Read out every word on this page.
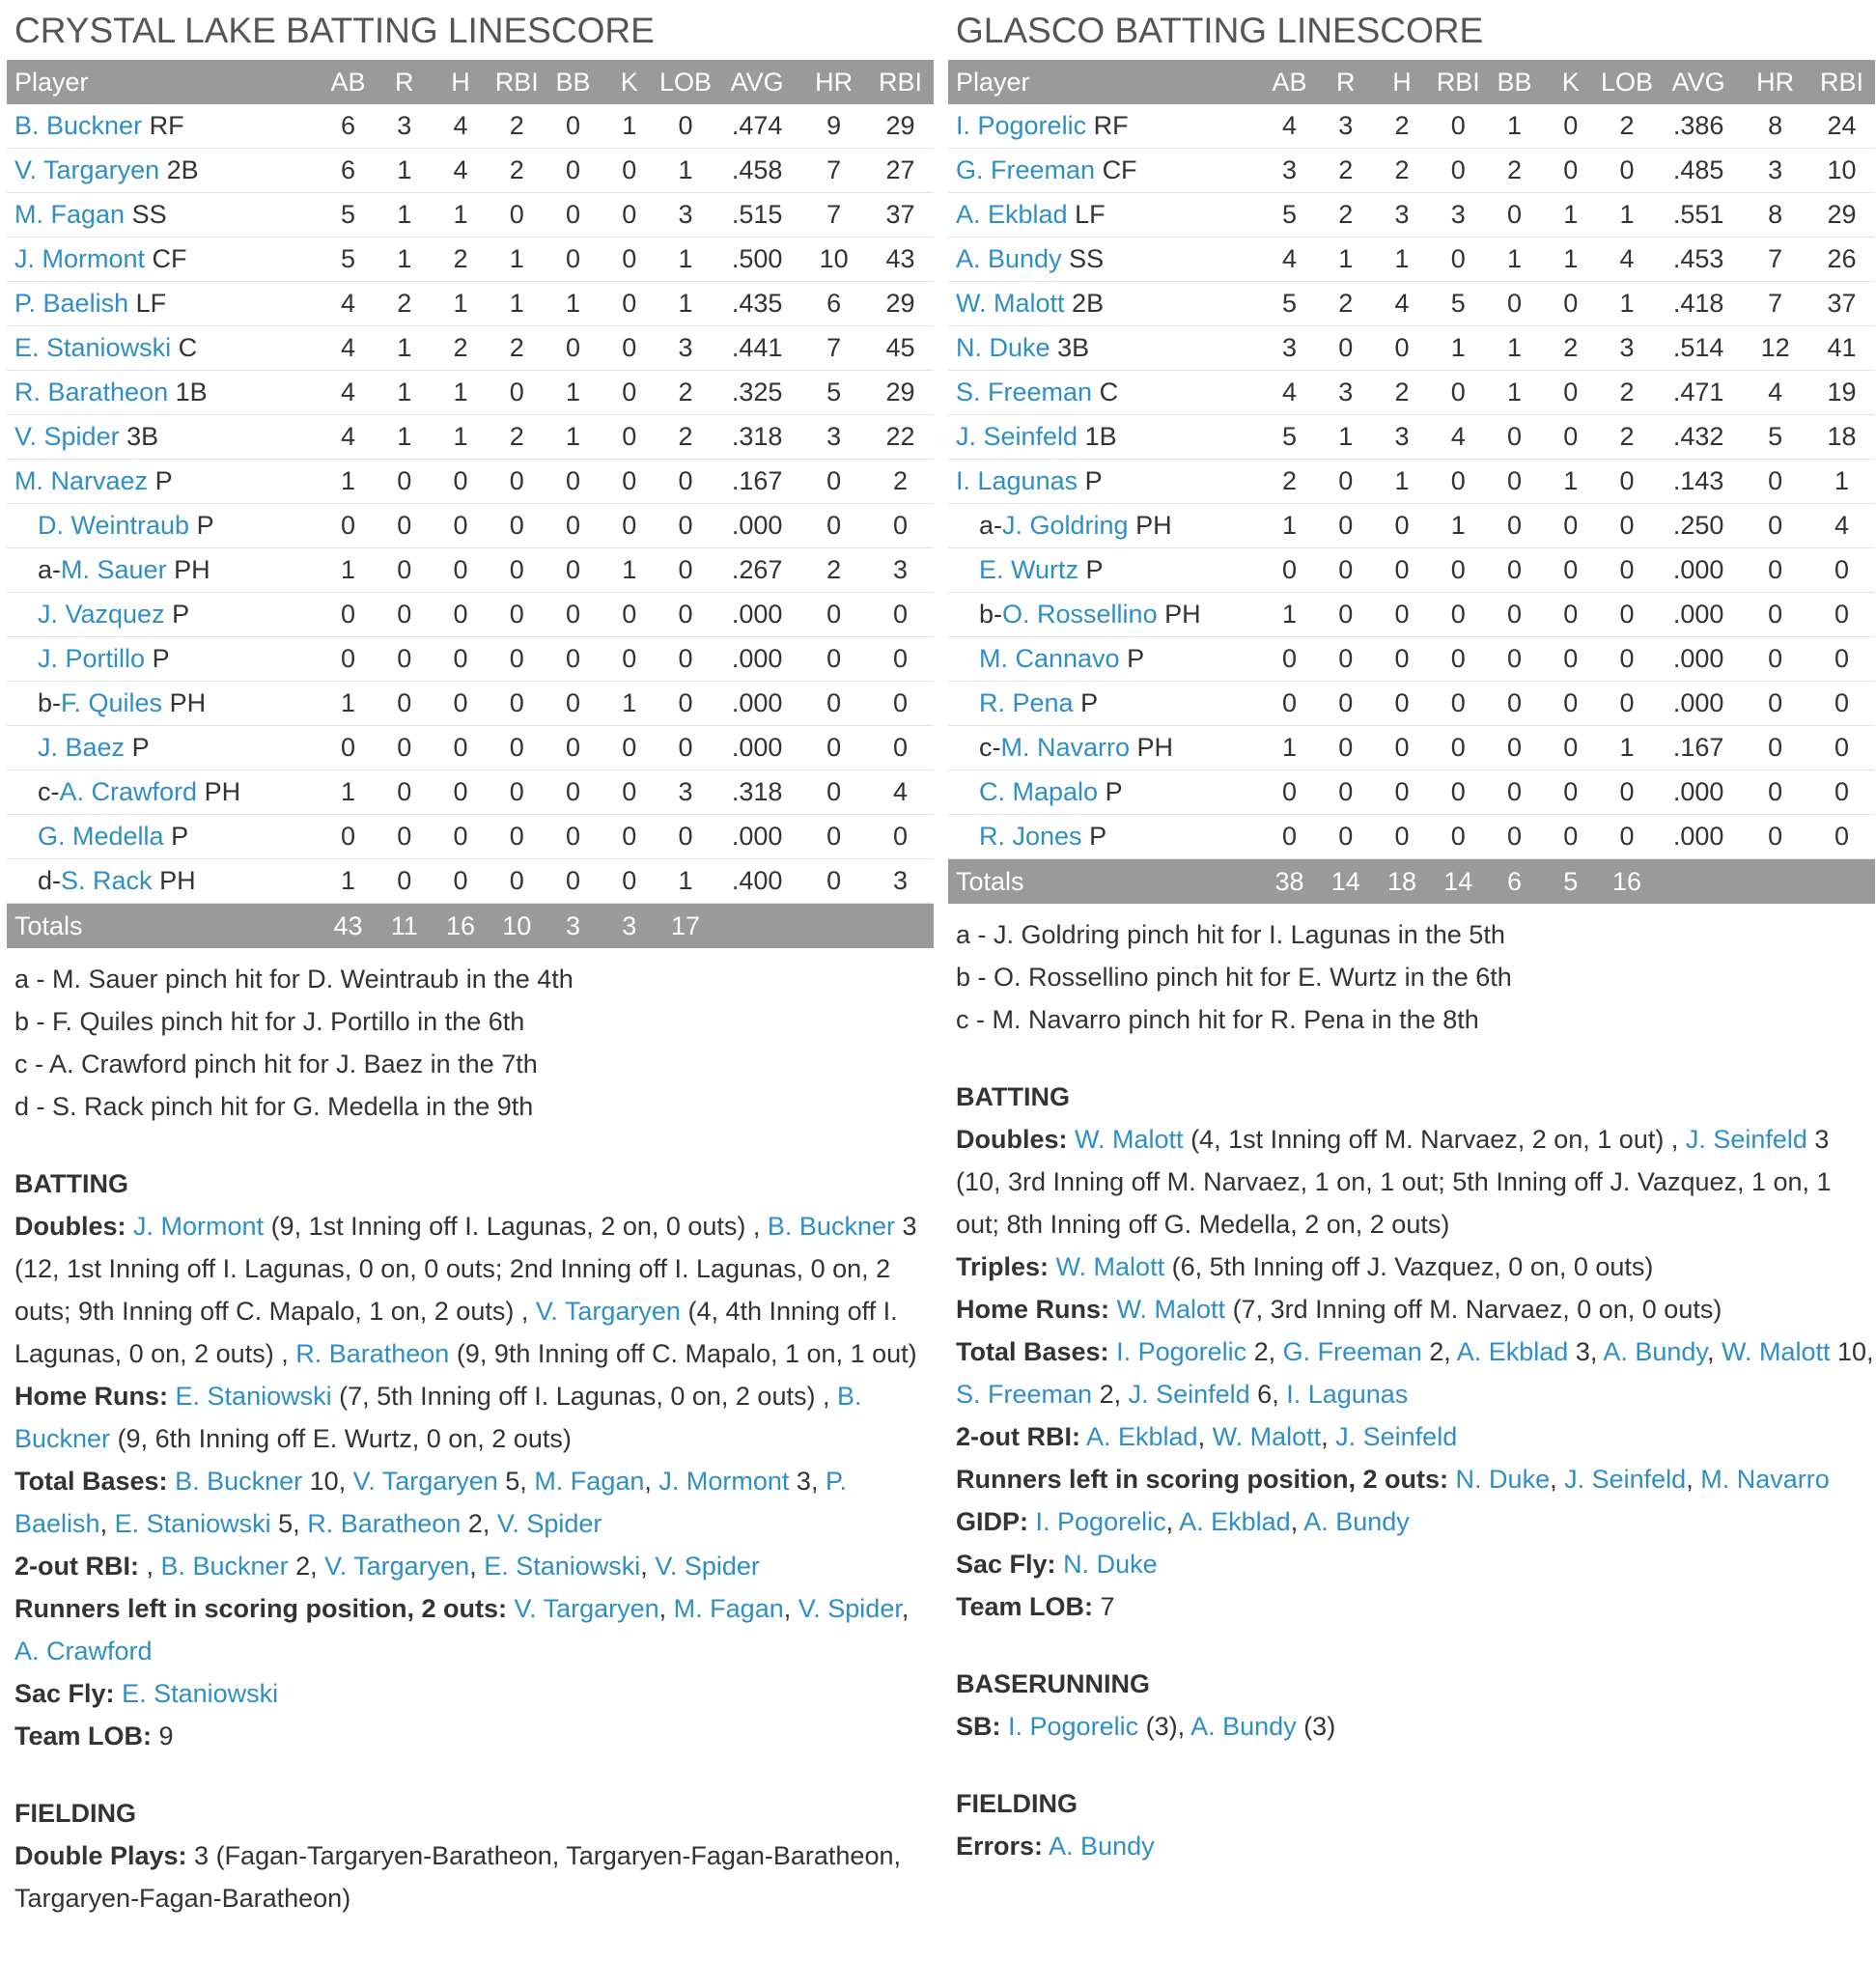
CRYSTAL LAKE BATTING LINESCORE
Player	AB	R	H	RBI	BB	K	LOB	AVG	HR	RBI
B. Buckner RF	6	3	4	2	0	1	0	.474	9	29
V. Targaryen 2B	6	1	4	2	0	0	1	.458	7	27
M. Fagan SS	5	1	1	0	0	0	3	.515	7	37
J. Mormont CF	5	1	2	1	0	0	1	.500	10	43
P. Baelish LF	4	2	1	1	1	0	1	.435	6	29
E. Staniowski C	4	1	2	2	0	0	3	.441	7	45
R. Baratheon 1B	4	1	1	0	1	0	2	.325	5	29
V. Spider 3B	4	1	1	2	1	0	2	.318	3	22
M. Narvaez P	1	0	0	0	0	0	0	.167	0	2
D. Weintraub P	0	0	0	0	0	0	0	.000	0	0
a-M. Sauer PH	1	0	0	0	0	1	0	.267	2	3
J. Vazquez P	0	0	0	0	0	0	0	.000	0	0
J. Portillo P	0	0	0	0	0	0	0	.000	0	0
b-F. Quiles PH	1	0	0	0	0	1	0	.000	0	0
J. Baez P	0	0	0	0	0	0	0	.000	0	0
c-A. Crawford PH	1	0	0	0	0	0	3	.318	0	4
G. Medella P	0	0	0	0	0	0	0	.000	0	0
d-S. Rack PH	1	0	0	0	0	0	1	.400	0	3
Totals	43	11	16	10	3	3	17			
a - M. Sauer pinch hit for D. Weintraub in the 4th
b - F. Quiles pinch hit for J. Portillo in the 6th
c - A. Crawford pinch hit for J. Baez in the 7th
d - S. Rack pinch hit for G. Medella in the 9th
BATTING
Doubles: J. Mormont (9, 1st Inning off I. Lagunas, 2 on, 0 outs) , B. Buckner 3 (12, 1st Inning off I. Lagunas, 0 on, 0 outs; 2nd Inning off I. Lagunas, 0 on, 2 outs; 9th Inning off C. Mapalo, 1 on, 2 outs) , V. Targaryen (4, 4th Inning off I. Lagunas, 0 on, 2 outs) , R. Baratheon (9, 9th Inning off C. Mapalo, 1 on, 1 out)
Home Runs: E. Staniowski (7, 5th Inning off I. Lagunas, 0 on, 2 outs) , B. Buckner (9, 6th Inning off E. Wurtz, 0 on, 2 outs)
Total Bases: B. Buckner 10, V. Targaryen 5, M. Fagan, J. Mormont 3, P. Baelish, E. Staniowski 5, R. Baratheon 2, V. Spider
2-out RBI: , B. Buckner 2, V. Targaryen, E. Staniowski, V. Spider
Runners left in scoring position, 2 outs: V. Targaryen, M. Fagan, V. Spider, A. Crawford
Sac Fly: E. Staniowski
Team LOB: 9
FIELDING
Double Plays: 3 (Fagan-Targaryen-Baratheon, Targaryen-Fagan-Baratheon, Targaryen-Fagan-Baratheon)
GLASCO BATTING LINESCORE
Player	AB	R	H	RBI	BB	K	LOB	AVG	HR	RBI
I. Pogorelic RF	4	3	2	0	1	0	2	.386	8	24
G. Freeman CF	3	2	2	0	2	0	0	.485	3	10
A. Ekblad LF	5	2	3	3	0	1	1	.551	8	29
A. Bundy SS	4	1	1	0	1	1	4	.453	7	26
W. Malott 2B	5	2	4	5	0	0	1	.418	7	37
N. Duke 3B	3	0	0	1	1	2	3	.514	12	41
S. Freeman C	4	3	2	0	1	0	2	.471	4	19
J. Seinfeld 1B	5	1	3	4	0	0	2	.432	5	18
I. Lagunas P	2	0	1	0	0	1	0	.143	0	1
a-J. Goldring PH	1	0	0	1	0	0	0	.250	0	4
E. Wurtz P	0	0	0	0	0	0	0	.000	0	0
b-O. Rossellino PH	1	0	0	0	0	0	0	.000	0	0
M. Cannavo P	0	0	0	0	0	0	0	.000	0	0
R. Pena P	0	0	0	0	0	0	0	.000	0	0
c-M. Navarro PH	1	0	0	0	0	0	1	.167	0	0
C. Mapalo P	0	0	0	0	0	0	0	.000	0	0
R. Jones P	0	0	0	0	0	0	0	.000	0	0
Totals	38	14	18	14	6	5	16			
a - J. Goldring pinch hit for I. Lagunas in the 5th
b - O. Rossellino pinch hit for E. Wurtz in the 6th
c - M. Navarro pinch hit for R. Pena in the 8th
BATTING
Doubles: W. Malott (4, 1st Inning off M. Narvaez, 2 on, 1 out) , J. Seinfeld 3 (10, 3rd Inning off M. Narvaez, 1 on, 1 out; 5th Inning off J. Vazquez, 1 on, 1 out; 8th Inning off G. Medella, 2 on, 2 outs)
Triples: W. Malott (6, 5th Inning off J. Vazquez, 0 on, 0 outs)
Home Runs: W. Malott (7, 3rd Inning off M. Narvaez, 0 on, 0 outs)
Total Bases: I. Pogorelic 2, G. Freeman 2, A. Ekblad 3, A. Bundy, W. Malott 10, S. Freeman 2, J. Seinfeld 6, I. Lagunas
2-out RBI: A. Ekblad, W. Malott, J. Seinfeld
Runners left in scoring position, 2 outs: N. Duke, J. Seinfeld, M. Navarro
GIDP: I. Pogorelic, A. Ekblad, A. Bundy
Sac Fly: N. Duke
Team LOB: 7
BASERUNNING
SB: I. Pogorelic (3), A. Bundy (3)
FIELDING
Errors: A. Bundy
